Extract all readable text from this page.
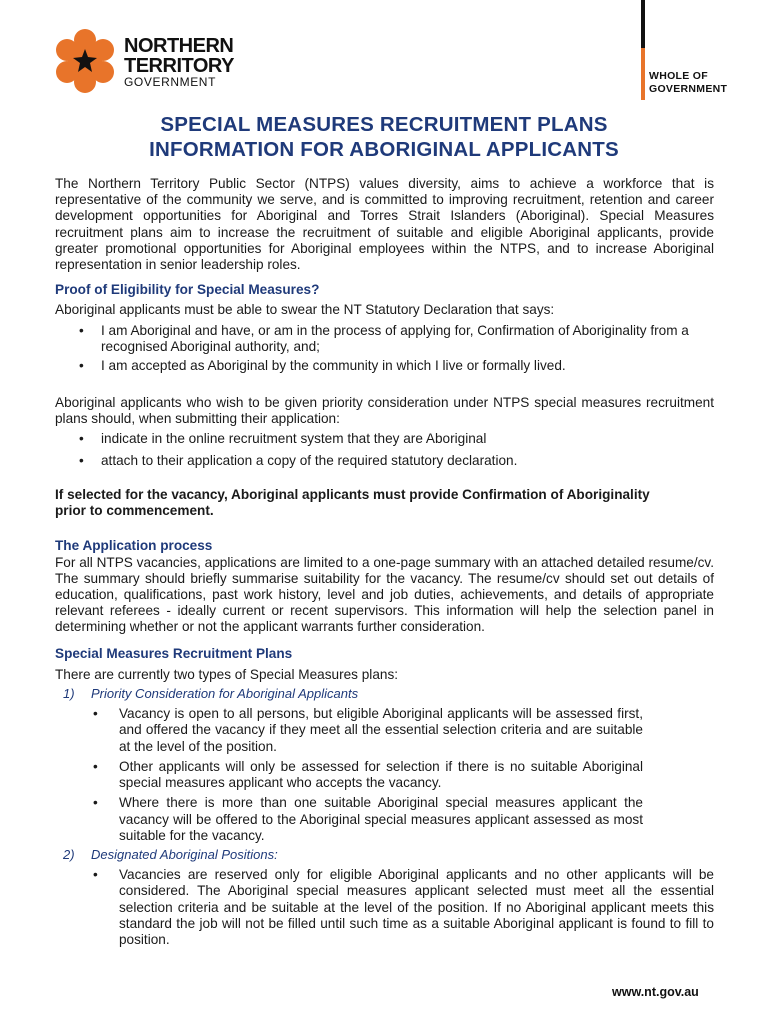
NORTHERN
TERRITORY
GOVERNMENT	WHOLE OF
GOVERNMENT
SPECIAL MEASURES RECRUITMENT PLANS
INFORMATION FOR ABORIGINAL APPLICANTS

The Northern Territory Public Sector (NTPS) values diversity, aims to achieve a workforce that is representative of the community we serve, and is committed to improving recruitment, retention and career development opportunities for Aboriginal and Torres Strait Islanders (Aboriginal). Special Measures recruitment plans aim to increase the recruitment of suitable and eligible Aboriginal applicants, provide greater promotional opportunities for Aboriginal employees within the NTPS, and to increase Aboriginal representation in senior leadership roles.

Proof of Eligibility for Special Measures?

Aboriginal applicants must be able to swear the NT Statutory Declaration that says:

• I am Aboriginal and have, or am in the process of applying for, Confirmation of Aboriginality from a recognised Aboriginal authority, and;
• I am accepted as Aboriginal by the community in which I live or formally lived.

Aboriginal applicants who wish to be given priority consideration under NTPS special measures recruitment plans should, when submitting their application:

• indicate in the online recruitment system that they are Aboriginal
• attach to their application a copy of the required statutory declaration.
If selected for the vacancy, Aboriginal applicants must provide Confirmation of Aboriginality
prior to commencement.

The Application process

For all NTPS vacancies, applications are limited to a one-page summary with an attached detailed resume/cv. The summary should briefly summarise suitability for the vacancy. The resume/cv should set out details of education, qualifications, past work history, level and job duties, achievements, and details of appropriate relevant referees - ideally current or recent supervisors. This information will help the selection panel in determining whether or not the applicant warrants further consideration.

Special Measures Recruitment Plans

There are currently two types of Special Measures plans:

1) Priority Consideration for Aboriginal Applicants
• Vacancy is open to all persons, but eligible Aboriginal applicants will be assessed first, and offered the vacancy if they meet all the essential selection criteria and are suitable at the level of the position.
• Other applicants will only be assessed for selection if there is no suitable Aboriginal special measures applicant who accepts the vacancy.
• Where there is more than one suitable Aboriginal special measures applicant the vacancy will be offered to the Aboriginal special measures applicant assessed as most suitable for the vacancy.
2) Designated Aboriginal Positions:
• Vacancies are reserved only for eligible Aboriginal applicants and no other applicants will be considered. The Aboriginal special measures applicant selected must meet all the essential selection criteria and be suitable at the level of the position. If no Aboriginal applicant meets this standard the job will not be filled until such time as a suitable Aboriginal applicant is found to fill to position.
www.nt.gov.au
